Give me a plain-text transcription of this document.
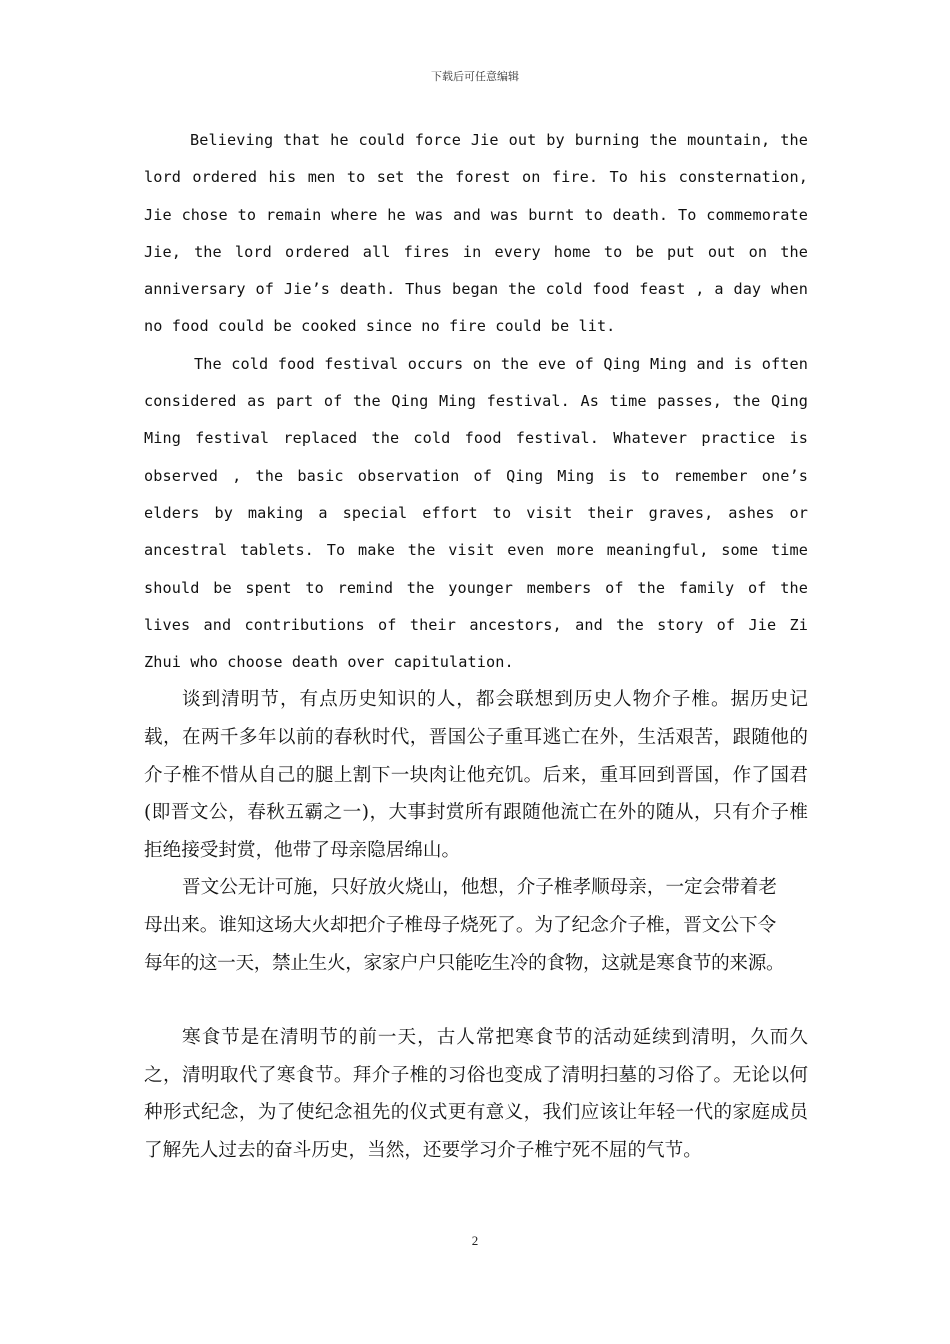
下载后可任意编辑

Believing that he could force Jie out by burning the mountain, the lord ordered his men to set the forest on fire. To his consternation, Jie chose to remain where he was and was burnt to death. To commemorate Jie, the lord ordered all fires in every home to be put out on the anniversary of Jie’s death. Thus began the cold food feast , a day when no food could be cooked since no fire could be lit.

The cold food festival occurs on the eve of Qing Ming and is often considered as part of the Qing Ming festival. As time passes, the Qing Ming festival replaced the cold food festival. Whatever practice is observed , the basic observation of Qing Ming is to remember one’s elders by making a special effort to visit their graves, ashes or ancestral tablets. To make the visit even more meaningful, some time should be spent to remind the younger members of the family of the lives and contributions of their ancestors, and the story of Jie Zi Zhui who choose death over capitulation.

谈到清明节，有点历史知识的人，都会联想到历史人物介子椎。据历史记载，在两千多年以前的春秋时代，晋国公子重耳逃亡在外，生活艰苦，跟随他的介子椎不惜从自己的腿上割下一块肉让他充饥。后来，重耳回到晋国，作了国君(即晋文公，春秋五霸之一)，大事封赏所有跟随他流亡在外的随从，只有介子椎拒绝接受封赏，他带了母亲隐居绵山。

晋文公无计可施，只好放火烧山，他想，介子椎孝顺母亲，一定会带着老

母出来。谁知这场大火却把介子椎母子烧死了。为了纪念介子椎，晋文公下令

每年的这一天，禁止生火，家家户户只能吃生冷的食物，这就是寒食节的来源。

寒食节是在清明节的前一天，古人常把寒食节的活动延续到清明，久而久之，清明取代了寒食节。拜介子椎的习俗也变成了清明扫墓的习俗了。无论以何种形式纪念，为了使纪念祖先的仪式更有意义，我们应该让年轻一代的家庭成员了解先人过去的奋斗历史，当然，还要学习介子椎宁死不屈的气节。

2
